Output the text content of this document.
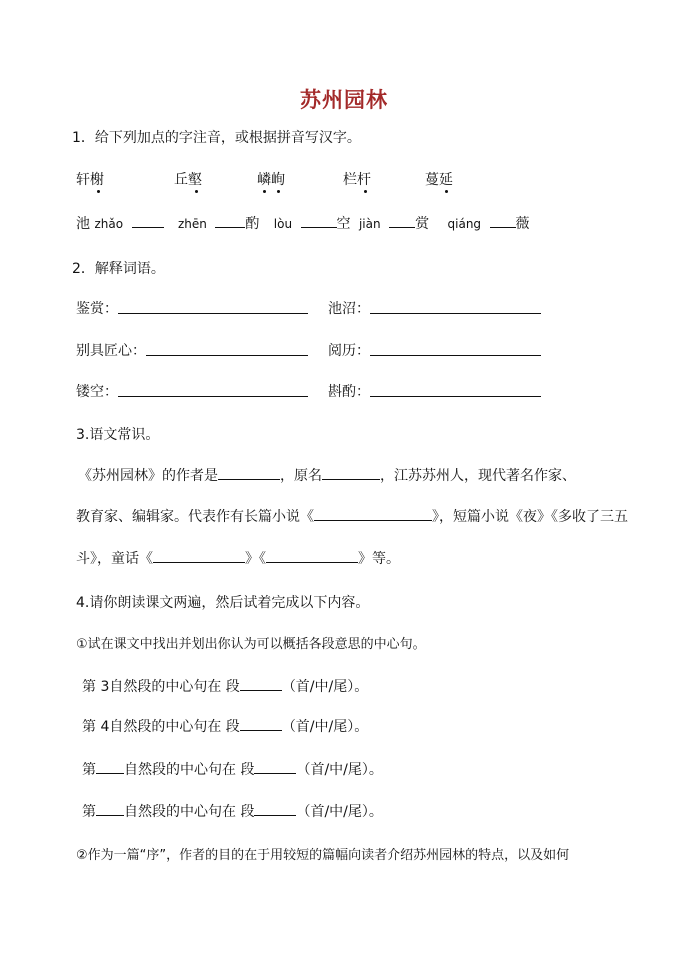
苏州园林
1．给下列加点的字注音，或根据拼音写汉字。
轩榭	丘壑	嶙峋	栏杆	蔓延
池 zhǎo	zhēn	酌 lòu	空 jiàn 赏 qiáng 薇
2．解释词语。
鉴赏：	池沼：
别具匠心：	阅历：
镂空：	斟酌：
3.语文常识。
《苏州园林》的作者是	，原名	，江苏苏州人，现代著名作家、
教育家、编辑家。代表作有长篇小说《	》，短篇小说《夜》《多收了三五
斗》，童话《	》《	》等。
4.请你朗读课文两遍，然后试着完成以下内容。
①试在课文中找出并划出你认为可以概括各段意思的中心句。
第 3自然段的中心句在 段	（首/中/尾）。
第 4自然段的中心句在 段	（首/中/尾）。
第 自然段的中心句在 段	（首/中/尾）。
第 自然段的中心句在 段	（首/中/尾）。
②作为一篇“序”，作者的目的在于用较短的篇幅向读者介绍苏州园林的特点，以及如何
